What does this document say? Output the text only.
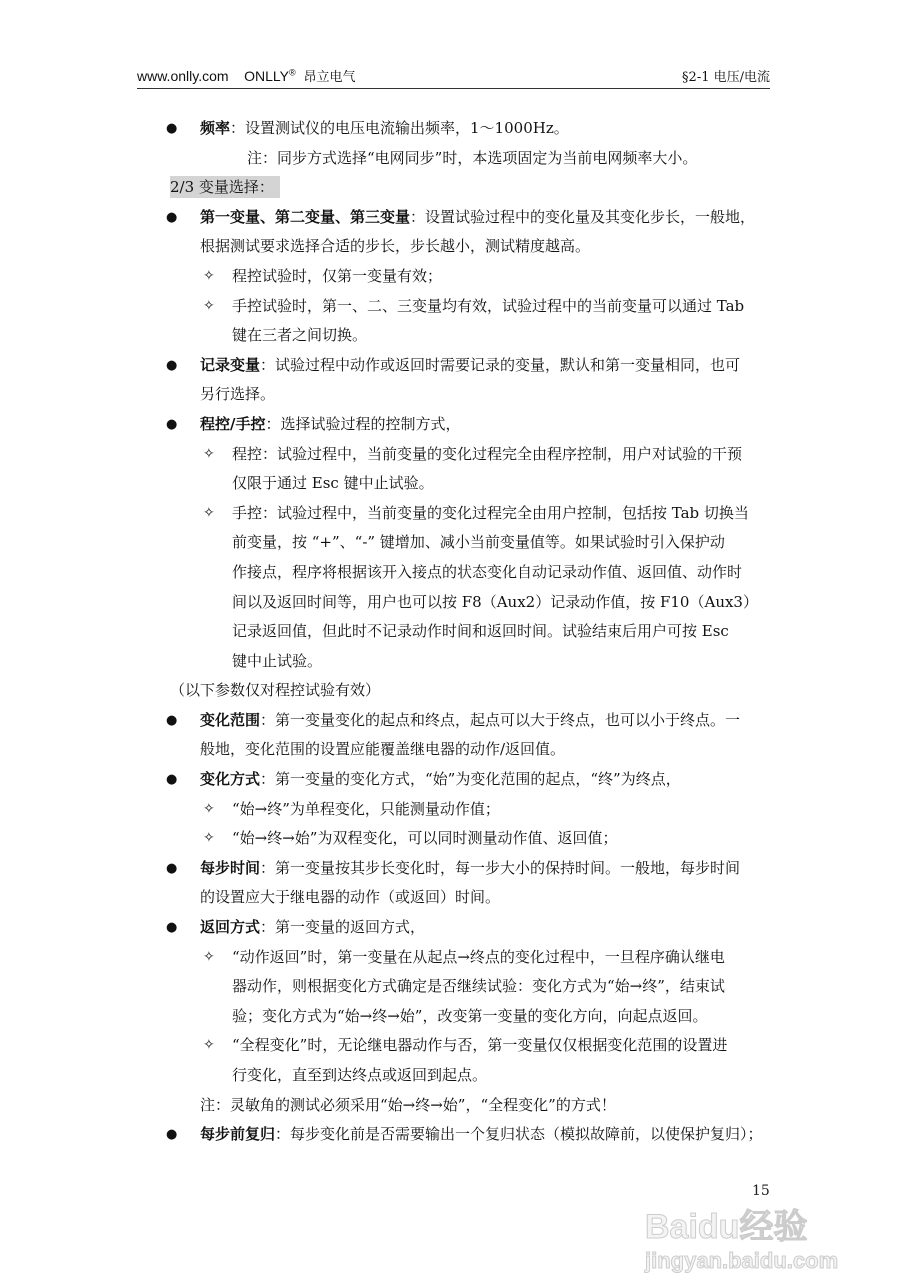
www.onlly.com ONLLY® 昂立电气	§2-1 电压/电流
● 频率：设置测试仪的电压电流输出频率，1～1000Hz。
注：同步方式选择“电网同步”时，本选项固定为当前电网频率大小。
2/3 变量选择：
● 第一变量、第二变量、第三变量：设置试验过程中的变化量及其变化步长，一般地，
根据测试要求选择合适的步长，步长越小，测试精度越高。
✧ 程控试验时，仅第一变量有效；
✧ 手控试验时，第一、二、三变量均有效，试验过程中的当前变量可以通过 Tab
键在三者之间切换。
● 记录变量：试验过程中动作或返回时需要记录的变量，默认和第一变量相同，也可
另行选择。
● 程控/手控：选择试验过程的控制方式，
✧ 程控：试验过程中，当前变量的变化过程完全由程序控制，用户对试验的干预
仅限于通过 Esc 键中止试验。
✧ 手控：试验过程中，当前变量的变化过程完全由用户控制，包括按 Tab 切换当
前变量，按 “+”、“-” 键增加、减小当前变量值等。如果试验时引入保护动
作接点，程序将根据该开入接点的状态变化自动记录动作值、返回值、动作时
间以及返回时间等，用户也可以按 F8（Aux2）记录动作值，按 F10（Aux3）
记录返回值，但此时不记录动作时间和返回时间。试验结束后用户可按 Esc
键中止试验。
（以下参数仅对程控试验有效）
● 变化范围：第一变量变化的起点和终点，起点可以大于终点，也可以小于终点。一
般地，变化范围的设置应能覆盖继电器的动作/返回值。
● 变化方式：第一变量的变化方式，“始”为变化范围的起点，“终”为终点，
✧ “始→终”为单程变化，只能测量动作值；
✧ “始→终→始”为双程变化，可以同时测量动作值、返回值；
● 每步时间：第一变量按其步长变化时，每一步大小的保持时间。一般地，每步时间
的设置应大于继电器的动作（或返回）时间。
● 返回方式：第一变量的返回方式，
✧ “动作返回”时，第一变量在从起点→终点的变化过程中，一旦程序确认继电
器动作，则根据变化方式确定是否继续试验：变化方式为“始→终”，结束试
验；变化方式为“始→终→始”，改变第一变量的变化方向，向起点返回。
✧ “全程变化”时，无论继电器动作与否，第一变量仅仅根据变化范围的设置进
行变化，直至到达终点或返回到起点。
注：灵敏角的测试必须采用“始→终→始”，“全程变化”的方式！
● 每步前复归：每步变化前是否需要输出一个复归状态（模拟故障前，以使保护复归）；
15
Baidu经验
jingyan.baidu.com
